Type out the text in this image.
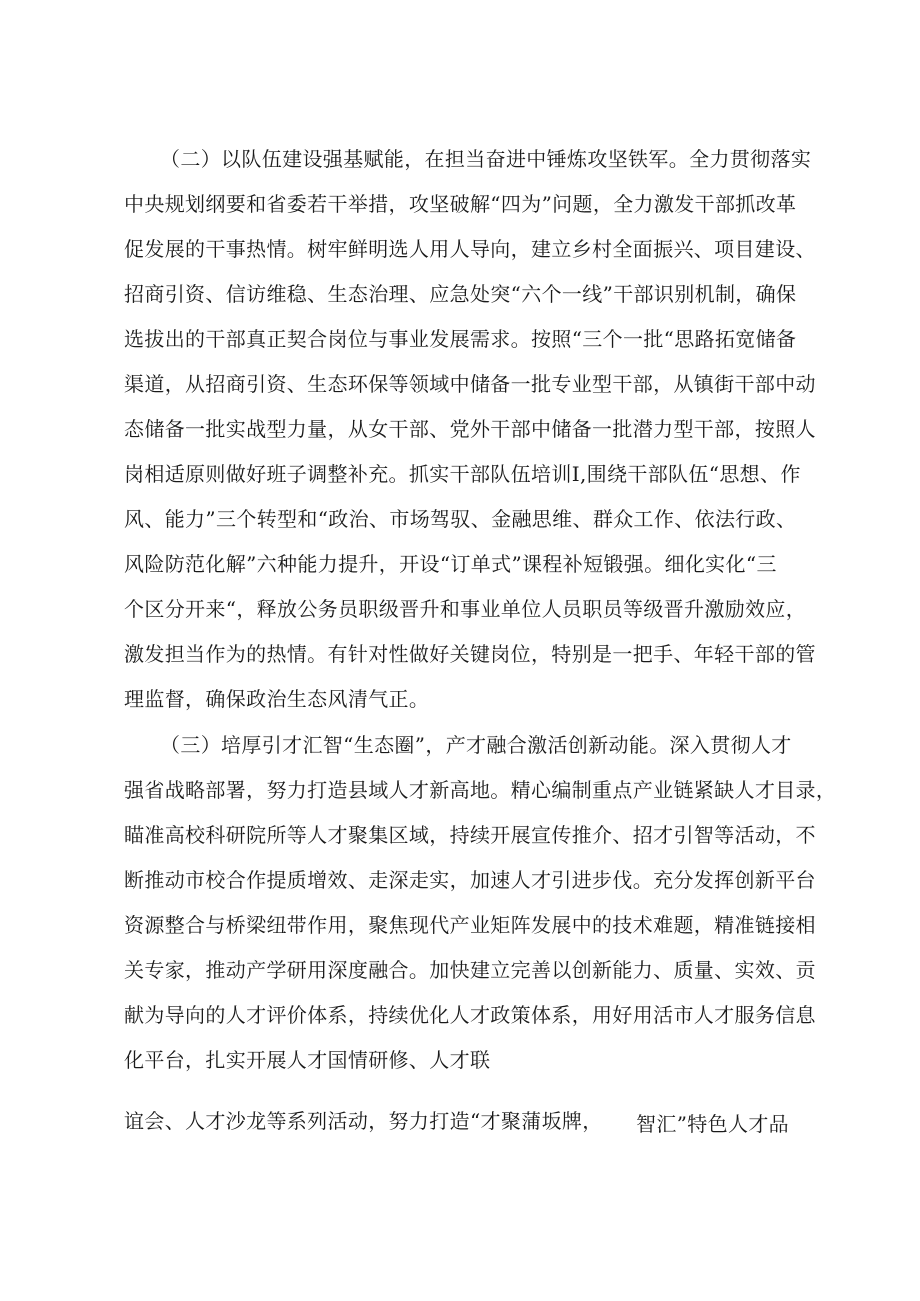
（二）以队伍建设强基赋能，在担当奋进中锤炼攻坚铁军。全力贯彻落实
中央规划纲要和省委若干举措，攻坚破解“四为”问题，全力激发干部抓改革
促发展的干事热情。树牢鲜明选人用人导向，建立乡村全面振兴、项目建设、
招商引资、信访维稳、生态治理、应急处突“六个一线”干部识别机制，确保
选拔出的干部真正契合岗位与事业发展需求。按照“三个一批“思路拓宽储备
渠道，从招商引资、生态环保等领域中储备一批专业型干部，从镇街干部中动
态储备一批实战型力量，从女干部、党外干部中储备一批潜力型干部，按照人
岗相适原则做好班子调整补充。抓实干部队伍培训I,围绕干部队伍“思想、作
风、能力”三个转型和“政治、市场驾驭、金融思维、群众工作、依法行政、
风险防范化解”六种能力提升，开设“订单式”课程补短锻强。细化实化“三
个区分开来“，释放公务员职级晋升和事业单位人员职员等级晋升激励效应，
激发担当作为的热情。有针对性做好关键岗位，特别是一把手、年轻干部的管
理监督，确保政治生态风清气正。
（三）培厚引才汇智“生态圈”，产才融合激活创新动能。深入贯彻人才
强省战略部署，努力打造县域人才新高地。精心编制重点产业链紧缺人才目录，
瞄准高校科研院所等人才聚集区域，持续开展宣传推介、招才引智等活动，不
断推动市校合作提质增效、走深走实，加速人才引进步伐。充分发挥创新平台
资源整合与桥梁纽带作用，聚焦现代产业矩阵发展中的技术难题，精准链接相
关专家，推动产学研用深度融合。加快建立完善以创新能力、质量、实效、贡
献为导向的人才评价体系，持续优化人才政策体系，用好用活市人才服务信息
化平台，扎实开展人才国情研修、人才联
谊会、人才沙龙等系列活动，努力打造“才聚蒲坂牌， 智汇”特色人才品
